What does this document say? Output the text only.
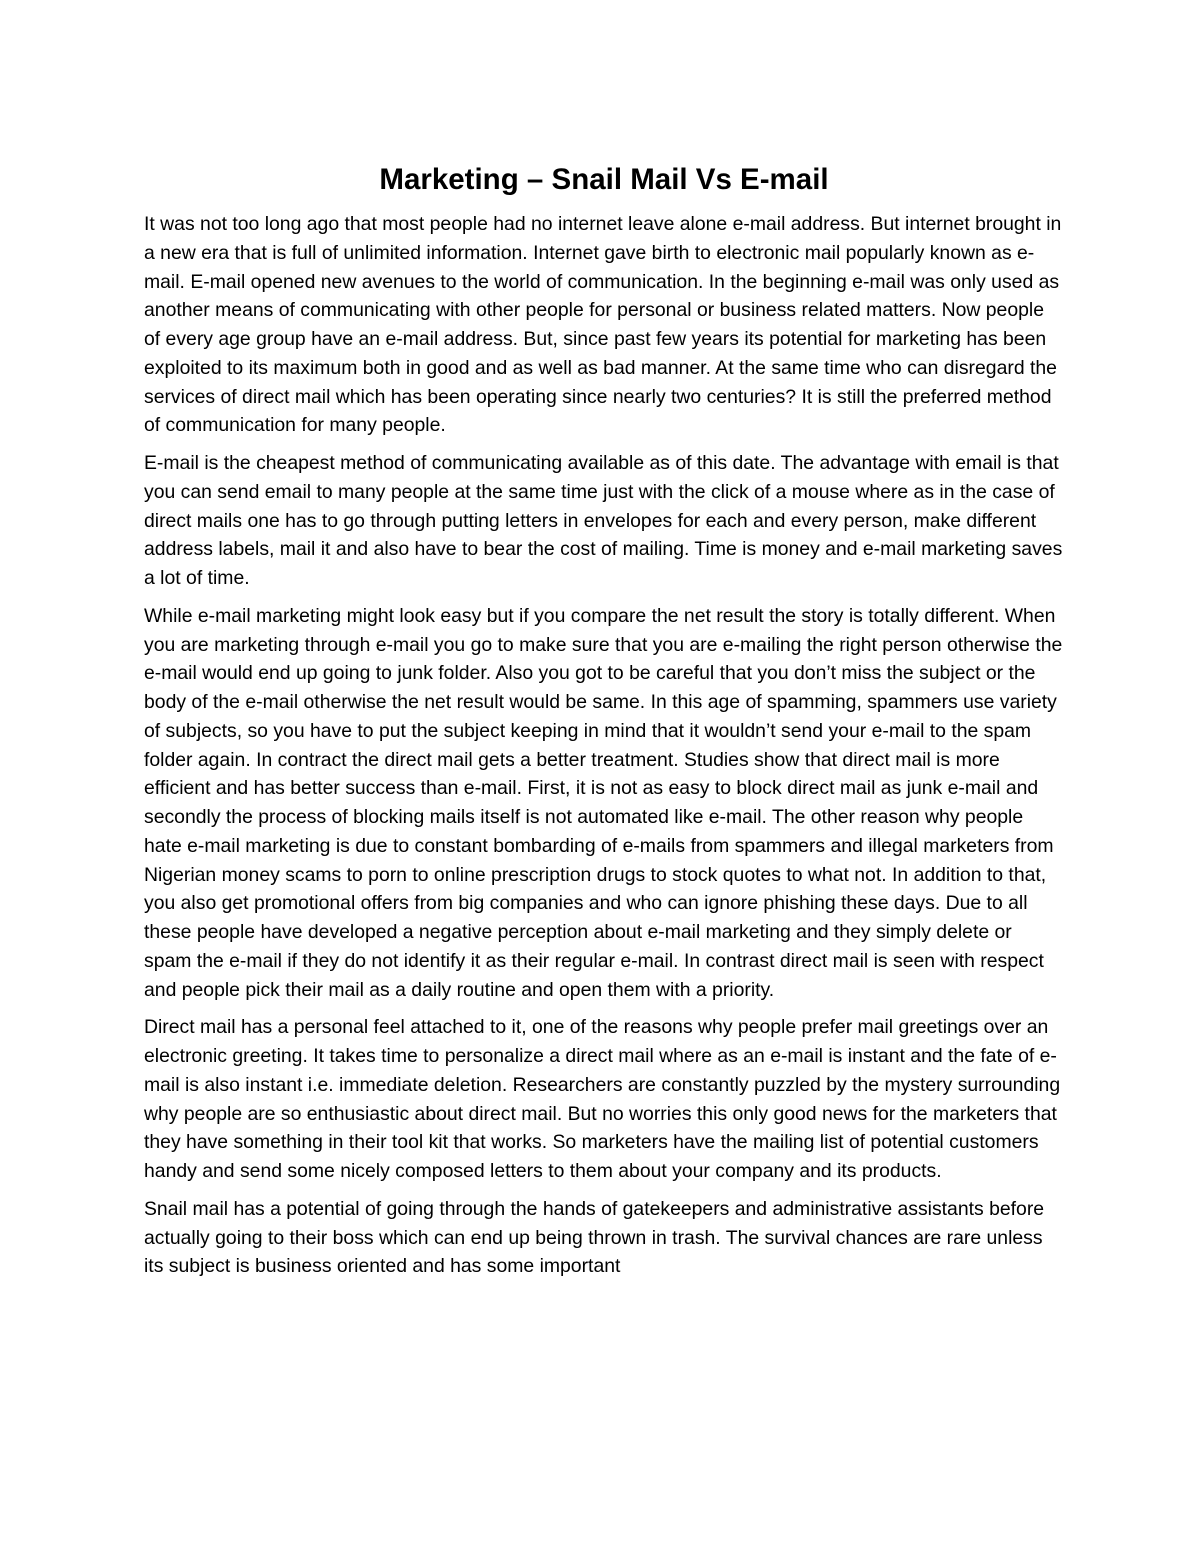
Marketing – Snail Mail Vs E-mail

It was not too long ago that most people had no internet leave alone e-mail address. But internet brought in a new era that is full of unlimited information. Internet gave birth to electronic mail popularly known as e-mail. E-mail opened new avenues to the world of communication. In the beginning e-mail was only used as another means of communicating with other people for personal or business related matters. Now people of every age group have an e-mail address. But, since past few years its potential for marketing has been exploited to its maximum both in good and as well as bad manner. At the same time who can disregard the services of direct mail which has been operating since nearly two centuries? It is still the preferred method of communication for many people.

E-mail is the cheapest method of communicating available as of this date. The advantage with email is that you can send email to many people at the same time just with the click of a mouse where as in the case of direct mails one has to go through putting letters in envelopes for each and every person, make different address labels, mail it and also have to bear the cost of mailing. Time is money and e-mail marketing saves a lot of time.

While e-mail marketing might look easy but if you compare the net result the story is totally different. When you are marketing through e-mail you go to make sure that you are e-mailing the right person otherwise the e-mail would end up going to junk folder. Also you got to be careful that you don’t miss the subject or the body of the e-mail otherwise the net result would be same. In this age of spamming, spammers use variety of subjects, so you have to put the subject keeping in mind that it wouldn’t send your e-mail to the spam folder again. In contract the direct mail gets a better treatment. Studies show that direct mail is more efficient and has better success than e-mail. First, it is not as easy to block direct mail as junk e-mail and secondly the process of blocking mails itself is not automated like e-mail. The other reason why people hate e-mail marketing is due to constant bombarding of e-mails from spammers and illegal marketers from Nigerian money scams to porn to online prescription drugs to stock quotes to what not. In addition to that, you also get promotional offers from big companies and who can ignore phishing these days. Due to all these people have developed a negative perception about e-mail marketing and they simply delete or spam the e-mail if they do not identify it as their regular e-mail. In contrast direct mail is seen with respect and people pick their mail as a daily routine and open them with a priority.

Direct mail has a personal feel attached to it, one of the reasons why people prefer mail greetings over an electronic greeting. It takes time to personalize a direct mail where as an e-mail is instant and the fate of e-mail is also instant i.e. immediate deletion. Researchers are constantly puzzled by the mystery surrounding why people are so enthusiastic about direct mail. But no worries this only good news for the marketers that they have something in their tool kit that works. So marketers have the mailing list of potential customers handy and send some nicely composed letters to them about your company and its products.

Snail mail has a potential of going through the hands of gatekeepers and administrative assistants before actually going to their boss which can end up being thrown in trash. The survival chances are rare unless its subject is business oriented and has some important
